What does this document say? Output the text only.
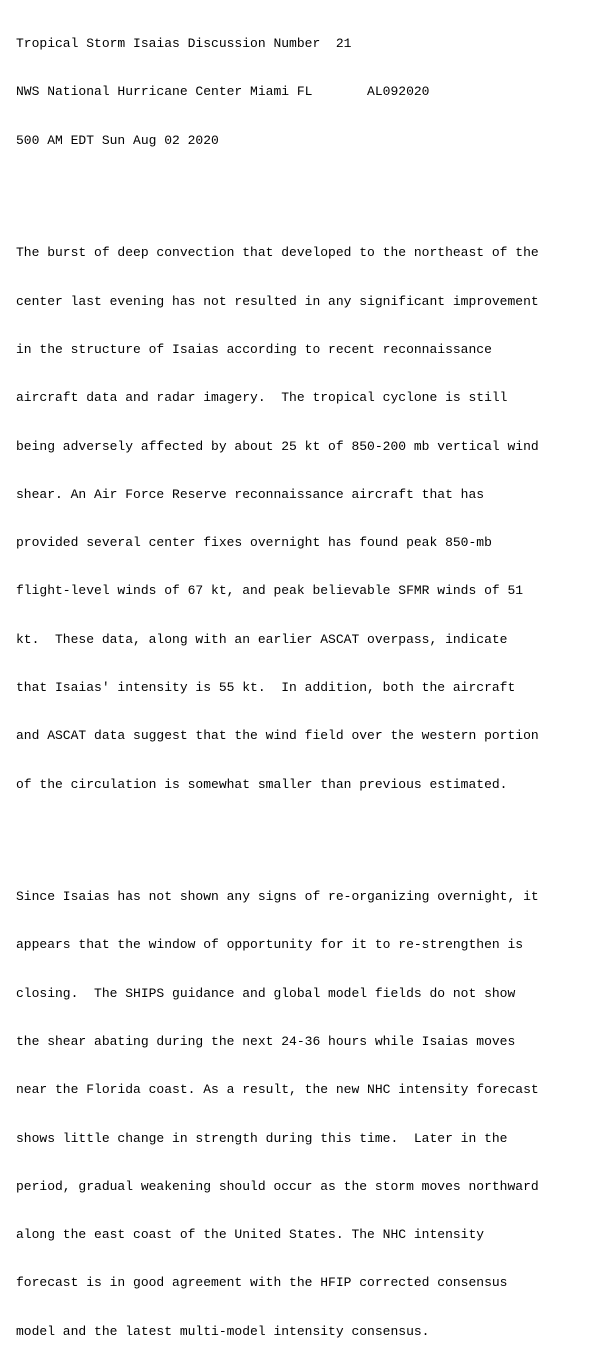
Tropical Storm Isaias Discussion Number  21

NWS National Hurricane Center Miami FL       AL092020

500 AM EDT Sun Aug 02 2020

The burst of deep convection that developed to the northeast of the

center last evening has not resulted in any significant improvement

in the structure of Isaias according to recent reconnaissance

aircraft data and radar imagery.  The tropical cyclone is still

being adversely affected by about 25 kt of 850-200 mb vertical wind

shear. An Air Force Reserve reconnaissance aircraft that has

provided several center fixes overnight has found peak 850-mb

flight-level winds of 67 kt, and peak believable SFMR winds of 51

kt.  These data, along with an earlier ASCAT overpass, indicate

that Isaias' intensity is 55 kt.  In addition, both the aircraft

and ASCAT data suggest that the wind field over the western portion

of the circulation is somewhat smaller than previous estimated.

Since Isaias has not shown any signs of re-organizing overnight, it

appears that the window of opportunity for it to re-strengthen is

closing.  The SHIPS guidance and global model fields do not show

the shear abating during the next 24-36 hours while Isaias moves

near the Florida coast. As a result, the new NHC intensity forecast

shows little change in strength during this time.  Later in the

period, gradual weakening should occur as the storm moves northward

along the east coast of the United States. The NHC intensity

forecast is in good agreement with the HFIP corrected consensus

model and the latest multi-model intensity consensus.
